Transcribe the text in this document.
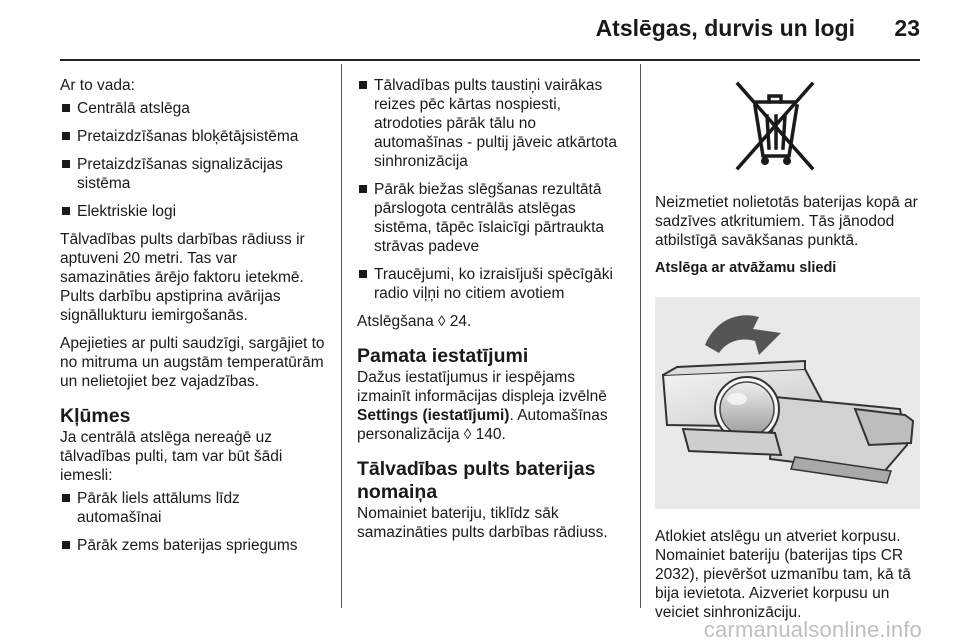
Atslēgas, durvis un logi 23

Ar to vada:

Centrālā atslēga
Pretaizdzīšanas bloķētājsistēma
Pretaizdzīšanas signalizācijas sistēma
Elektriskie logi

Tālvadības pults darbības rādiuss ir aptuveni 20 metri. Tas var samazināties ārējo faktoru ietekmē. Pults darbību apstiprina avārijas signāllukturu iemirgošanās.

Apejieties ar pulti saudzīgi, sargājiet to no mitruma un augstām temperatūrām un nelietojiet bez vajadzības.

Kļūmes

Ja centrālā atslēga nereaģē uz tālvadības pulti, tam var būt šādi iemesli:

Pārāk liels attālums līdz automašīnai
Pārāk zems baterijas spriegums
Tālvadības pults taustiņi vairākas reizes pēc kārtas nospiesti, atrodoties pārāk tālu no automašīnas - pultij jāveic atkārtota sinhronizācija
Pārāk biežas slēgšanas rezultātā pārslogota centrālās atslēgas sistēma, tāpēc īslaicīgi pārtraukta strāvas padeve
Traucējumi, ko izraisījuši spēcīgāki radio viļņi no citiem avotiem

Atslēgšana ◊ 24.

Pamata iestatījumi

Dažus iestatījumus ir iespējams izmainīt informācijas displeja izvēlnē Settings (iestatījumi). Automašīnas personalizācija ◊ 140.

Tālvadības pults baterijas nomaiņa

Nomainiet bateriju, tiklīdz sāk samazināties pults darbības rādiuss.

Neizmetiet nolietotās baterijas kopā ar sadzīves atkritumiem. Tās jānodod atbilstīgā savākšanas punktā.

Atslēga ar atvāžamu sliedi

Atlokiet atslēgu un atveriet korpusu. Nomainiet bateriju (baterijas tips CR 2032), pievēršot uzmanību tam, kā tā bija ievietota. Aizveriet korpusu un veiciet sinhronizāciju.

carmanualsonline.info
